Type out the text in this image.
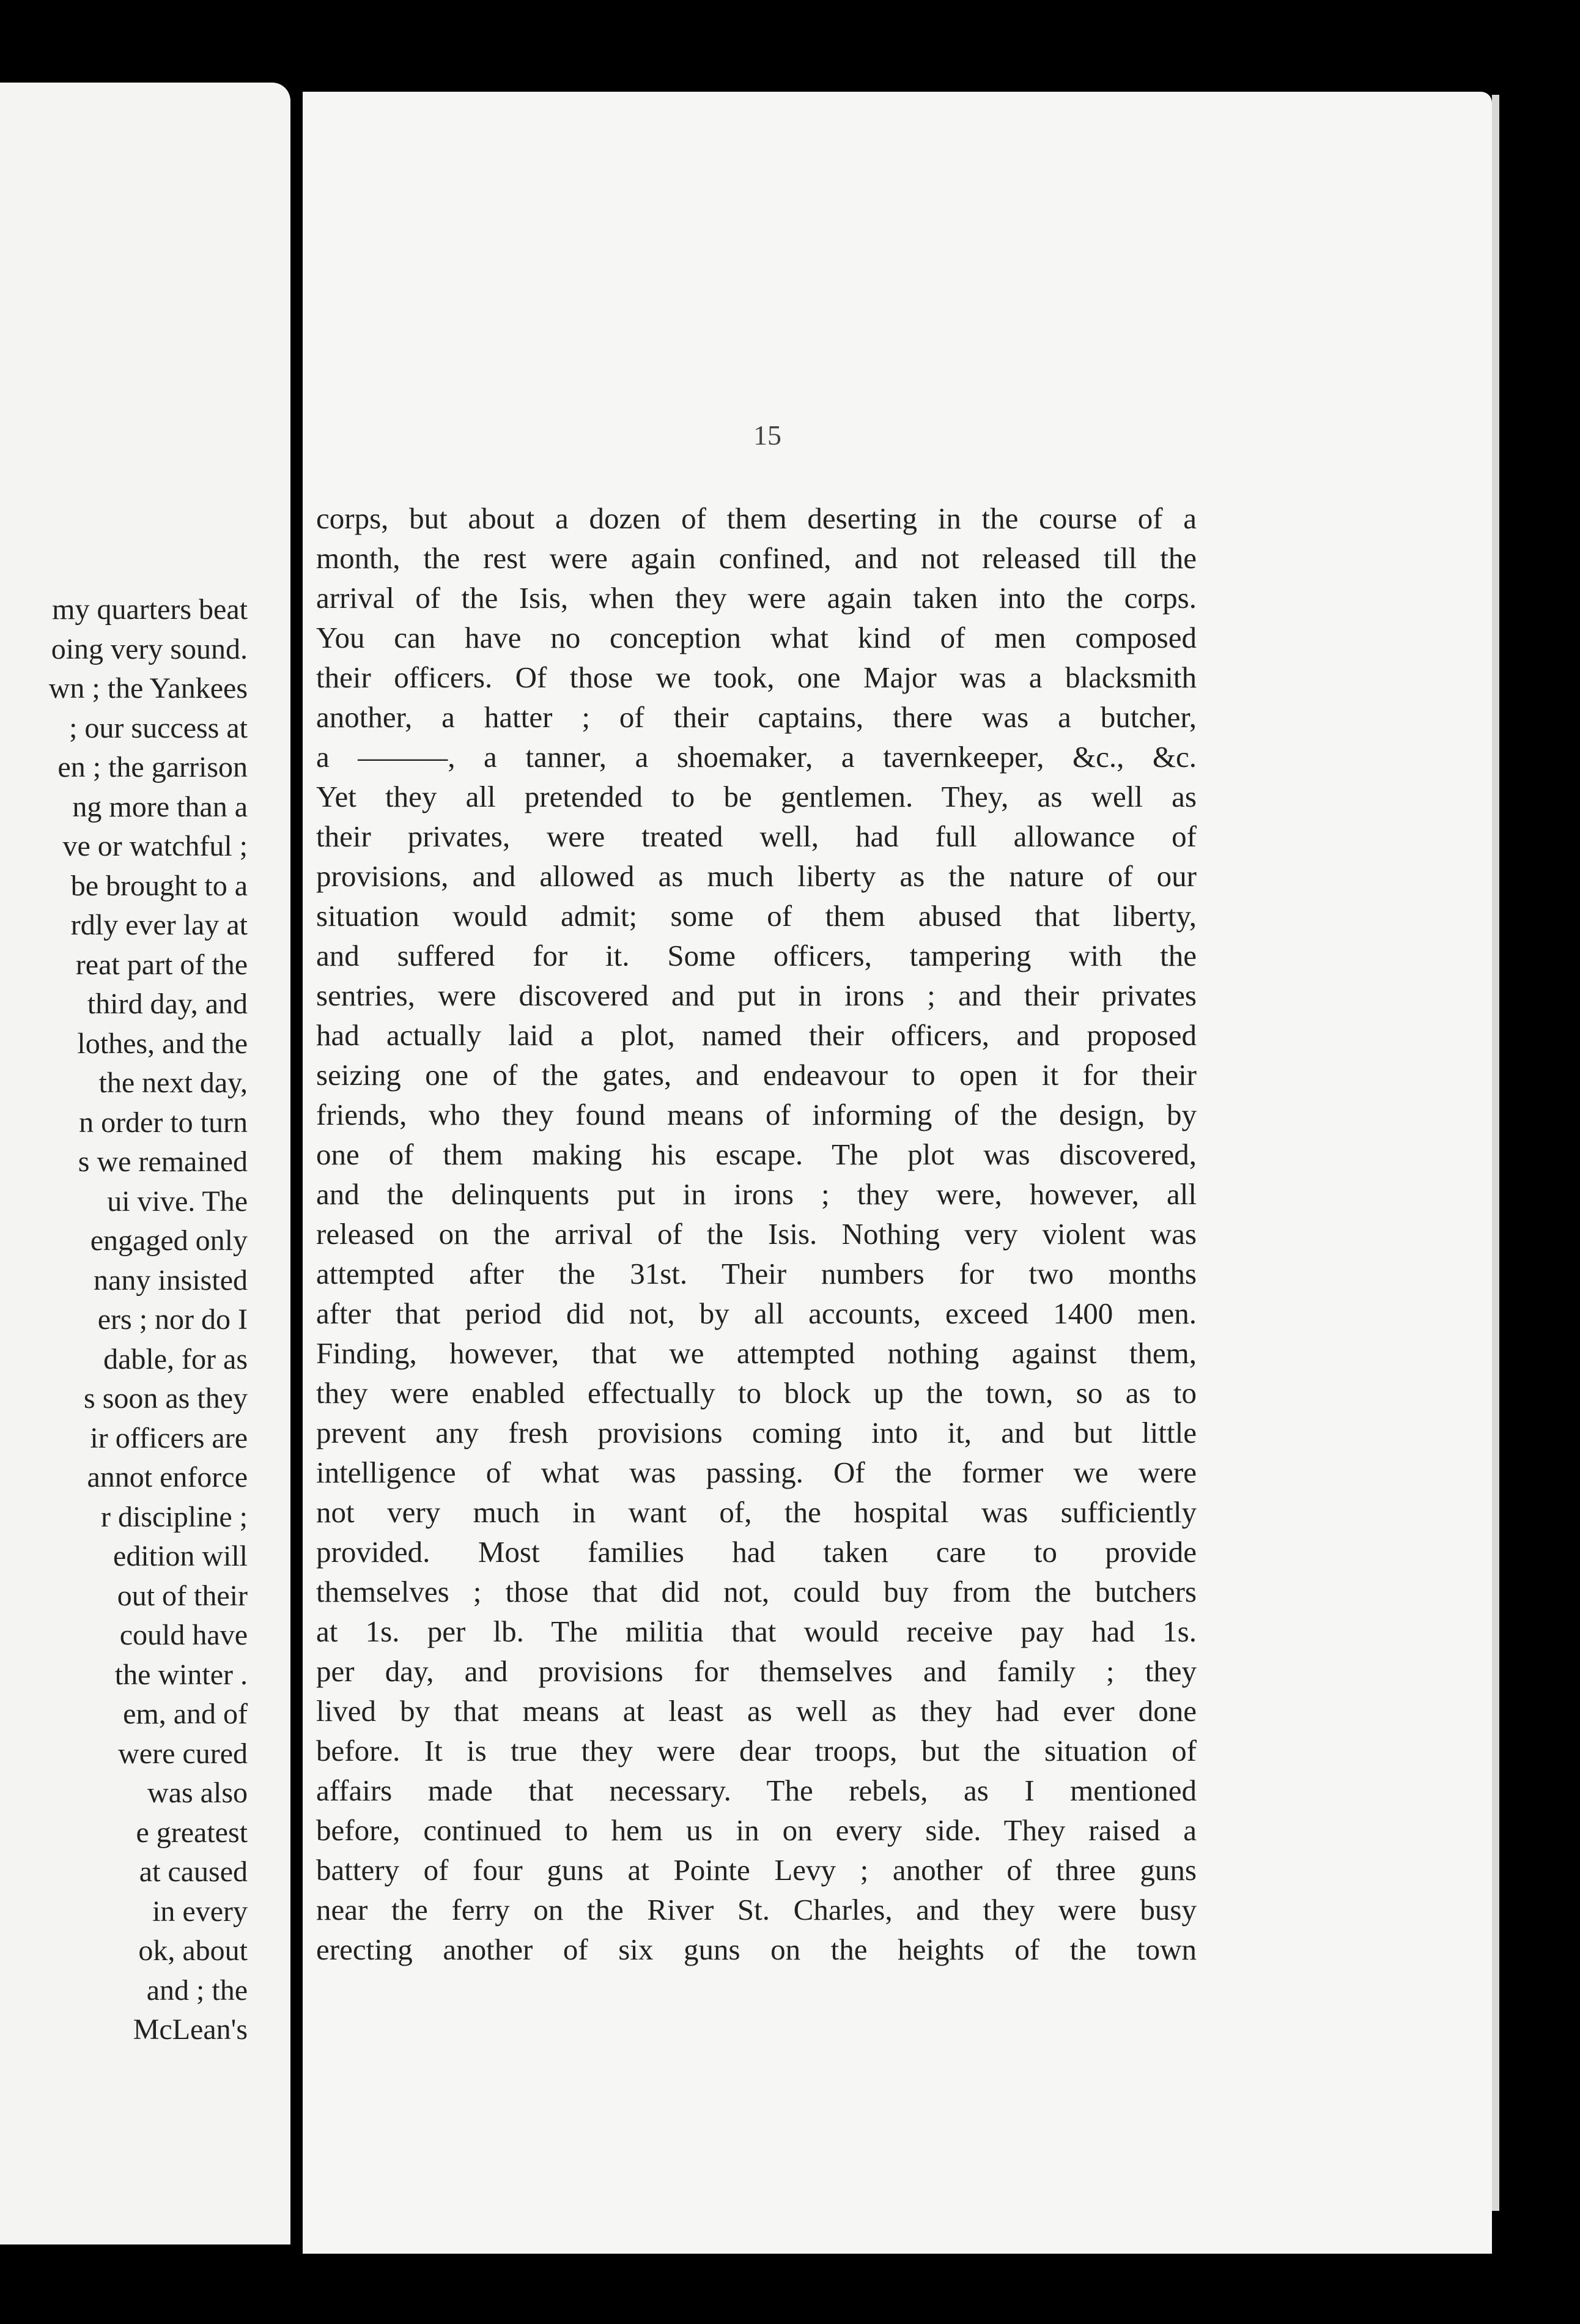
my quarters beat
oing very sound.
wn ; the Yankees
; our success at
en ; the garrison
ng more than a
ve or watchful ;
be brought to a
rdly ever lay at
reat part of the
third day, and
lothes, and the
the next day,
n order to turn
s we remained
ui vive. The
engaged only
nany insisted
ers ; nor do I
dable, for as
s soon as they
ir officers are
annot enforce
r discipline ;
edition will
out of their
could have
the winter .
em, and of
were cured
was also
e greatest
at caused
in every
ok, about
and ; the
McLean's
15
corps, but about a dozen of them deserting in the course of a
month, the rest were again confined, and not released till the
arrival of the Isis, when they were again taken into the corps.
You can have no conception what kind of men composed
their officers. Of those we took, one Major was a blacksmith
another, a hatter ; of their captains, there was a butcher,
a ———, a tanner, a shoemaker, a tavernkeeper, &c., &c.
Yet they all pretended to be gentlemen. They, as well as
their privates, were treated well, had full allowance of
provisions, and allowed as much liberty as the nature of our
situation would admit; some of them abused that liberty,
and suffered for it. Some officers, tampering with the
sentries, were discovered and put in irons ; and their privates
had actually laid a plot, named their officers, and proposed
seizing one of the gates, and endeavour to open it for their
friends, who they found means of informing of the design, by
one of them making his escape. The plot was discovered,
and the delinquents put in irons ; they were, however, all
released on the arrival of the Isis. Nothing very violent was
attempted after the 31st. Their numbers for two months
after that period did not, by all accounts, exceed 1400 men.
Finding, however, that we attempted nothing against them,
they were enabled effectually to block up the town, so as to
prevent any fresh provisions coming into it, and but little
intelligence of what was passing. Of the former we were
not very much in want of, the hospital was sufficiently
provided. Most families had taken care to provide
themselves ; those that did not, could buy from the butchers
at 1s. per lb. The militia that would receive pay had 1s.
per day, and provisions for themselves and family ; they
lived by that means at least as well as they had ever done
before. It is true they were dear troops, but the situation of
affairs made that necessary. The rebels, as I mentioned
before, continued to hem us in on every side. They raised a
battery of four guns at Pointe Levy ; another of three guns
near the ferry on the River St. Charles, and they were busy
erecting another of six guns on the heights of the town
